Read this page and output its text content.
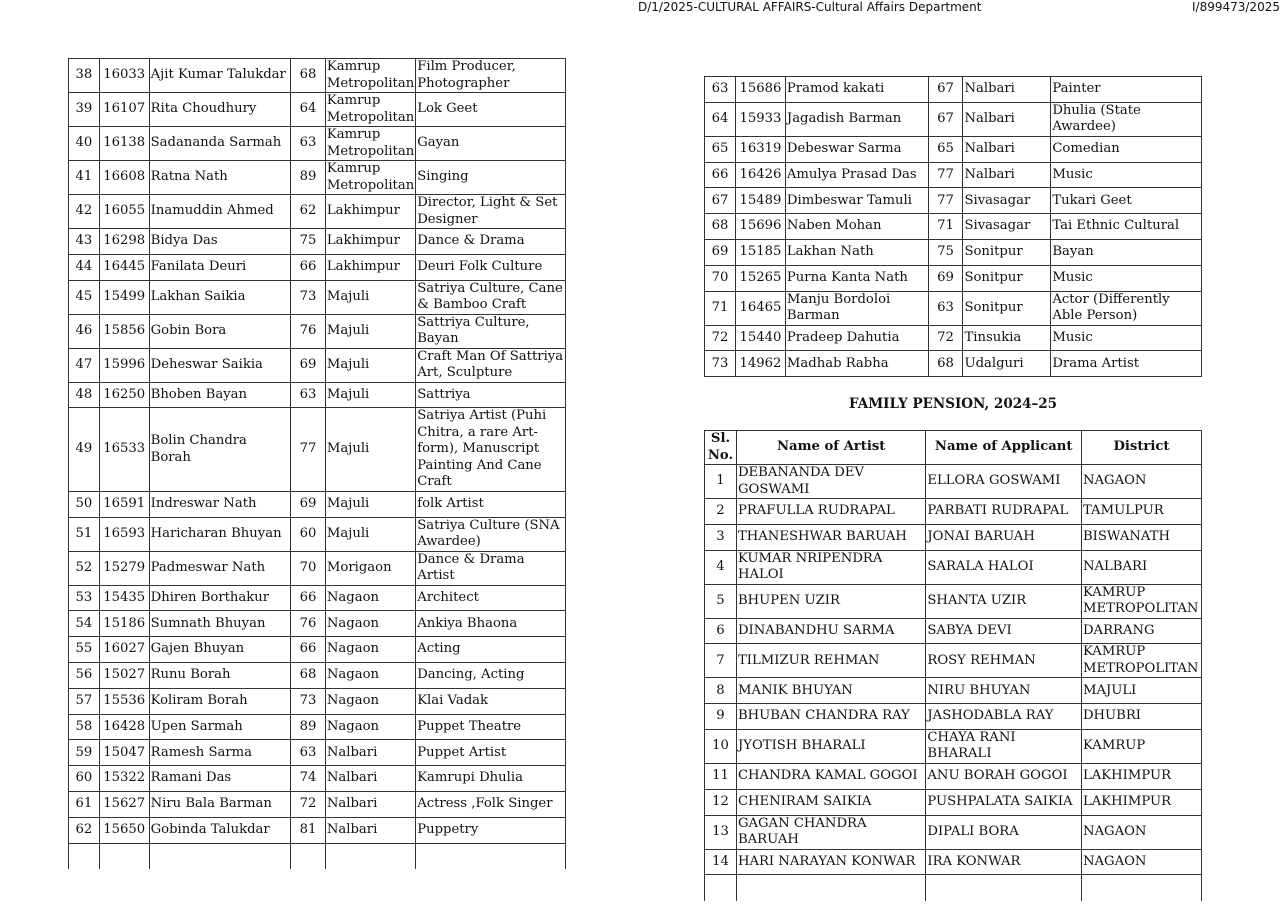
D/1/2025-CULTURAL AFFAIRS-Cultural Affairs Department	I/899473/2025
38	16033	Ajit Kumar Talukdar	68	Kamrup Metropolitan	Film Producer, Photographer
39	16107	Rita Choudhury	64	Kamrup Metropolitan	Lok Geet
40	16138	Sadananda Sarmah	63	Kamrup Metropolitan	Gayan
41	16608	Ratna Nath	89	Kamrup Metropolitan	Singing
42	16055	Inamuddin Ahmed	62	Lakhimpur	Director, Light & Set Designer
43	16298	Bidya Das	75	Lakhimpur	Dance & Drama
44	16445	Fanilata Deuri	66	Lakhimpur	Deuri Folk Culture
45	15499	Lakhan Saikia	73	Majuli	Satriya Culture, Cane & Bamboo Craft
46	15856	Gobin Bora	76	Majuli	Sattriya Culture, Bayan
47	15996	Deheswar Saikia	69	Majuli	Craft Man Of Sattriya Art, Sculpture
48	16250	Bhoben Bayan	63	Majuli	Sattriya
49	16533	Bolin Chandra Borah	77	Majuli	Satriya Artist (Puhi Chitra, a rare Art-form), Manuscript Painting And Cane Craft
50	16591	Indreswar Nath	69	Majuli	folk Artist
51	16593	Haricharan Bhuyan	60	Majuli	Satriya Culture (SNA Awardee)
52	15279	Padmeswar Nath	70	Morigaon	Dance & Drama Artist
53	15435	Dhiren Borthakur	66	Nagaon	Architect
54	15186	Sumnath Bhuyan	76	Nagaon	Ankiya Bhaona
55	16027	Gajen Bhuyan	66	Nagaon	Acting
56	15027	Runu Borah	68	Nagaon	Dancing, Acting
57	15536	Koliram Borah	73	Nagaon	Klai Vadak
58	16428	Upen Sarmah	89	Nagaon	Puppet Theatre
59	15047	Ramesh Sarma	63	Nalbari	Puppet Artist
60	15322	Ramani Das	74	Nalbari	Kamrupi Dhulia
61	15627	Niru Bala Barman	72	Nalbari	Actress ,Folk Singer
62	15650	Gobinda Talukdar	81	Nalbari	Puppetry

63	15686	Pramod kakati	67	Nalbari	Painter
64	15933	Jagadish Barman	67	Nalbari	Dhulia (State Awardee)
65	16319	Debeswar Sarma	65	Nalbari	Comedian
66	16426	Amulya Prasad Das	77	Nalbari	Music
67	15489	Dimbeswar Tamuli	77	Sivasagar	Tukari Geet
68	15696	Naben Mohan	71	Sivasagar	Tai Ethnic Cultural
69	15185	Lakhan Nath	75	Sonitpur	Bayan
70	15265	Purna Kanta Nath	69	Sonitpur	Music
71	16465	Manju Bordoloi Barman	63	Sonitpur	Actor (Differently Able Person)
72	15440	Pradeep Dahutia	72	Tinsukia	Music
73	14962	Madhab Rabha	68	Udalguri	Drama Artist
FAMILY PENSION, 2024–25
Sl. No.	Name of Artist	Name of Applicant	District
1	DEBANANDA DEV GOSWAMI	ELLORA GOSWAMI	NAGAON
2	PRAFULLA RUDRAPAL	PARBATI RUDRAPAL	TAMULPUR
3	THANESHWAR BARUAH	JONAI BARUAH	BISWANATH
4	KUMAR NRIPENDRA HALOI	SARALA HALOI	NALBARI
5	BHUPEN UZIR	SHANTA UZIR	KAMRUP METROPOLITAN
6	DINABANDHU SARMA	SABYA DEVI	DARRANG
7	TILMIZUR REHMAN	ROSY REHMAN	KAMRUP METROPOLITAN
8	MANIK BHUYAN	NIRU BHUYAN	MAJULI
9	BHUBAN CHANDRA RAY	JASHODABLA RAY	DHUBRI
10	JYOTISH BHARALI	CHAYA RANI BHARALI	KAMRUP
11	CHANDRA KAMAL GOGOI	ANU BORAH GOGOI	LAKHIMPUR
12	CHENIRAM SAIKIA	PUSHPALATA SAIKIA	LAKHIMPUR
13	GAGAN CHANDRA BARUAH	DIPALI BORA	NAGAON
14	HARI NARAYAN KONWAR	IRA KONWAR	NAGAON
